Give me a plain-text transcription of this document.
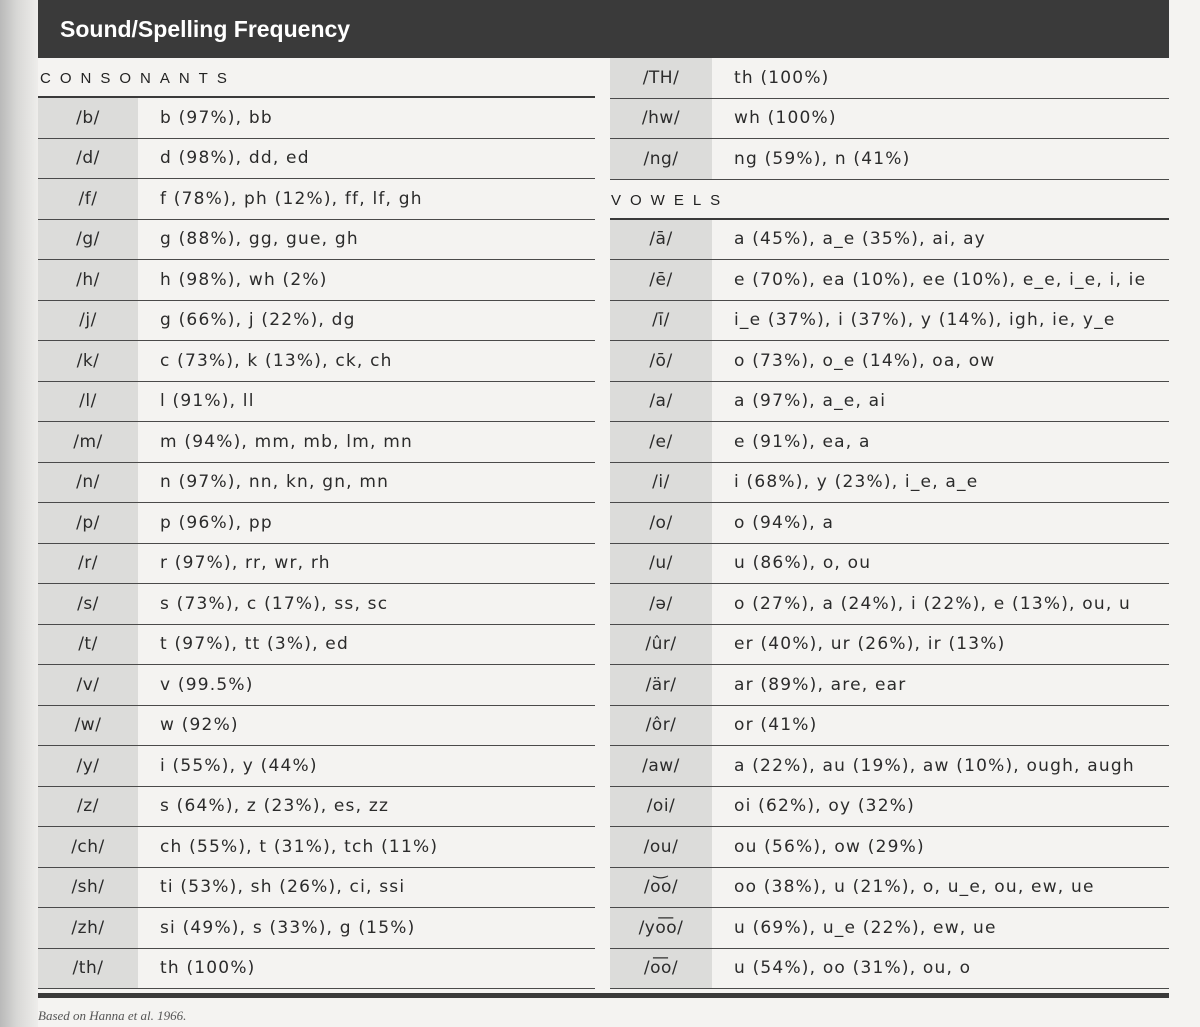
Sound/Spelling Frequency
CONSONANTS
/b/	b (97%), bb
/d/	d (98%), dd, ed
/f/	f (78%), ph (12%), ff, lf, gh
/g/	g (88%), gg, gue, gh
/h/	h (98%), wh (2%)
/j/	g (66%), j (22%), dg
/k/	c (73%), k (13%), ck, ch
/l/	l (91%), ll
/m/	m (94%), mm, mb, lm, mn
/n/	n (97%), nn, kn, gn, mn
/p/	p (96%), pp
/r/	r (97%), rr, wr, rh
/s/	s (73%), c (17%), ss, sc
/t/	t (97%), tt (3%), ed
/v/	v (99.5%)
/w/	w (92%)
/y/	i (55%), y (44%)
/z/	s (64%), z (23%), es, zz
/ch/	ch (55%), t (31%), tch (11%)
/sh/	ti (53%), sh (26%), ci, ssi
/zh/	si (49%), s (33%), g (15%)
/th/	th (100%)
/TH/	th (100%)
/hw/	wh (100%)
/ng/	ng (59%), n (41%)
VOWELS
/ā/	a (45%), a_e (35%), ai, ay
/ē/	e (70%), ea (10%), ee (10%), e_e, i_e, i, ie
/ī/	i_e (37%), i (37%), y (14%), igh, ie, y_e
/ō/	o (73%), o_e (14%), oa, ow
/a/	a (97%), a_e, ai
/e/	e (91%), ea, a
/i/	i (68%), y (23%), i_e, a_e
/o/	o (94%), a
/u/	u (86%), o, ou
/ə/	o (27%), a (24%), i (22%), e (13%), ou, u
/ûr/	er (40%), ur (26%), ir (13%)
/är/	ar (89%), are, ear
/ôr/	or (41%)
/aw/	a (22%), au (19%), aw (10%), ough, augh
/oi/	oi (62%), oy (32%)
/ou/	ou (56%), ow (29%)
/o͝o/	oo (38%), u (21%), o, u_e, ou, ew, ue
/yo͞o/	u (69%), u_e (22%), ew, ue
/o͞o/	u (54%), oo (31%), ou, o
Based on Hanna et al. 1966.
